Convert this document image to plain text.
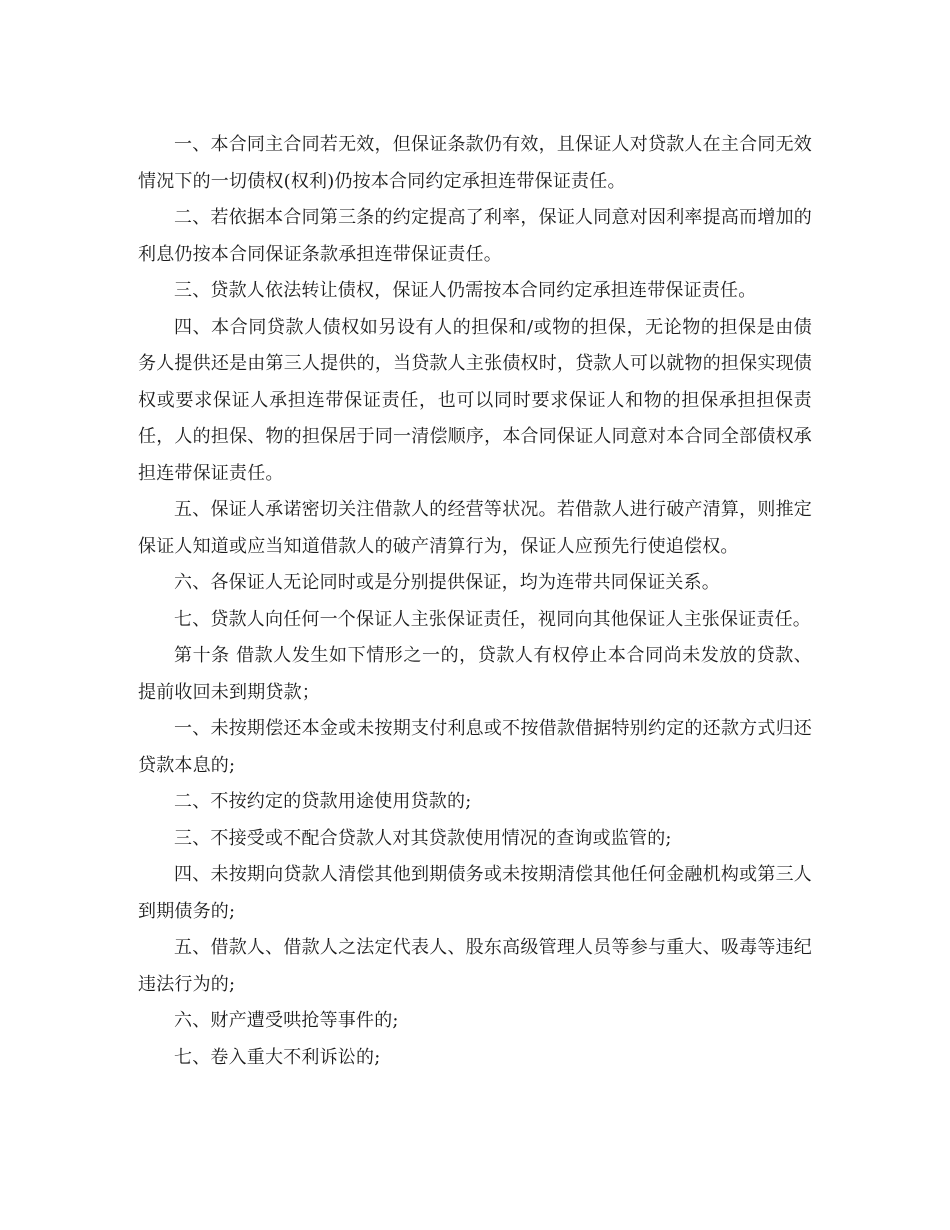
一、本合同主合同若无效，但保证条款仍有效，且保证人对贷款人在主合同无效情况下的一切债权(权利)仍按本合同约定承担连带保证责任。

二、若依据本合同第三条的约定提高了利率，保证人同意对因利率提高而增加的利息仍按本合同保证条款承担连带保证责任。

三、贷款人依法转让债权，保证人仍需按本合同约定承担连带保证责任。

四、本合同贷款人债权如另设有人的担保和/或物的担保，无论物的担保是由债务人提供还是由第三人提供的，当贷款人主张债权时，贷款人可以就物的担保实现债权或要求保证人承担连带保证责任，也可以同时要求保证人和物的担保承担担保责任，人的担保、物的担保居于同一清偿顺序，本合同保证人同意对本合同全部债权承担连带保证责任。

五、保证人承诺密切关注借款人的经营等状况。若借款人进行破产清算，则推定保证人知道或应当知道借款人的破产清算行为，保证人应预先行使追偿权。

六、各保证人无论同时或是分别提供保证，均为连带共同保证关系。

七、贷款人向任何一个保证人主张保证责任，视同向其他保证人主张保证责任。

第十条 借款人发生如下情形之一的，贷款人有权停止本合同尚未发放的贷款、提前收回未到期贷款；

一、未按期偿还本金或未按期支付利息或不按借款借据特别约定的还款方式归还贷款本息的;

二、不按约定的贷款用途使用贷款的;

三、不接受或不配合贷款人对其贷款使用情况的查询或监管的;

四、未按期向贷款人清偿其他到期债务或未按期清偿其他任何金融机构或第三人到期债务的;

五、借款人、借款人之法定代表人、股东高级管理人员等参与重大、吸毒等违纪违法行为的;

六、财产遭受哄抢等事件的;

七、卷入重大不利诉讼的;
